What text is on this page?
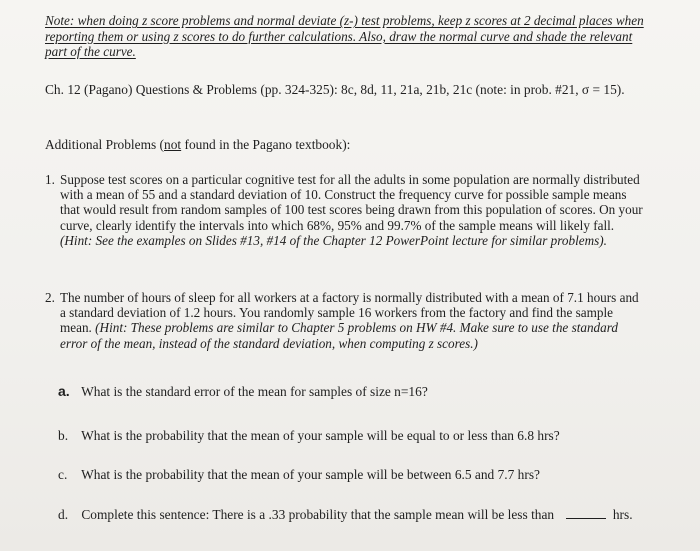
Note: when doing z score problems and normal deviate (z-) test problems, keep z scores at 2 decimal places when reporting them or using z scores to do further calculations. Also, draw the normal curve and shade the relevant part of the curve.
Ch. 12 (Pagano) Questions & Problems (pp. 324-325): 8c, 8d, 11, 21a, 21b, 21c (note: in prob. #21, σ = 15).
Additional Problems (not found in the Pagano textbook):
1. Suppose test scores on a particular cognitive test for all the adults in some population are normally distributed with a mean of 55 and a standard deviation of 10. Construct the frequency curve for possible sample means that would result from random samples of 100 test scores being drawn from this population of scores. On your curve, clearly identify the intervals into which 68%, 95% and 99.7% of the sample means will likely fall. (Hint: See the examples on Slides #13, #14 of the Chapter 12 PowerPoint lecture for similar problems).
2. The number of hours of sleep for all workers at a factory is normally distributed with a mean of 7.1 hours and a standard deviation of 1.2 hours. You randomly sample 16 workers from the factory and find the sample mean. (Hint: These problems are similar to Chapter 5 problems on HW #4. Make sure to use the standard error of the mean, instead of the standard deviation, when computing z scores.)
a. What is the standard error of the mean for samples of size n=16?
b. What is the probability that the mean of your sample will be equal to or less than 6.8 hrs?
c. What is the probability that the mean of your sample will be between 6.5 and 7.7 hrs?
d. Complete this sentence: There is a .33 probability that the sample mean will be less than	hrs.
